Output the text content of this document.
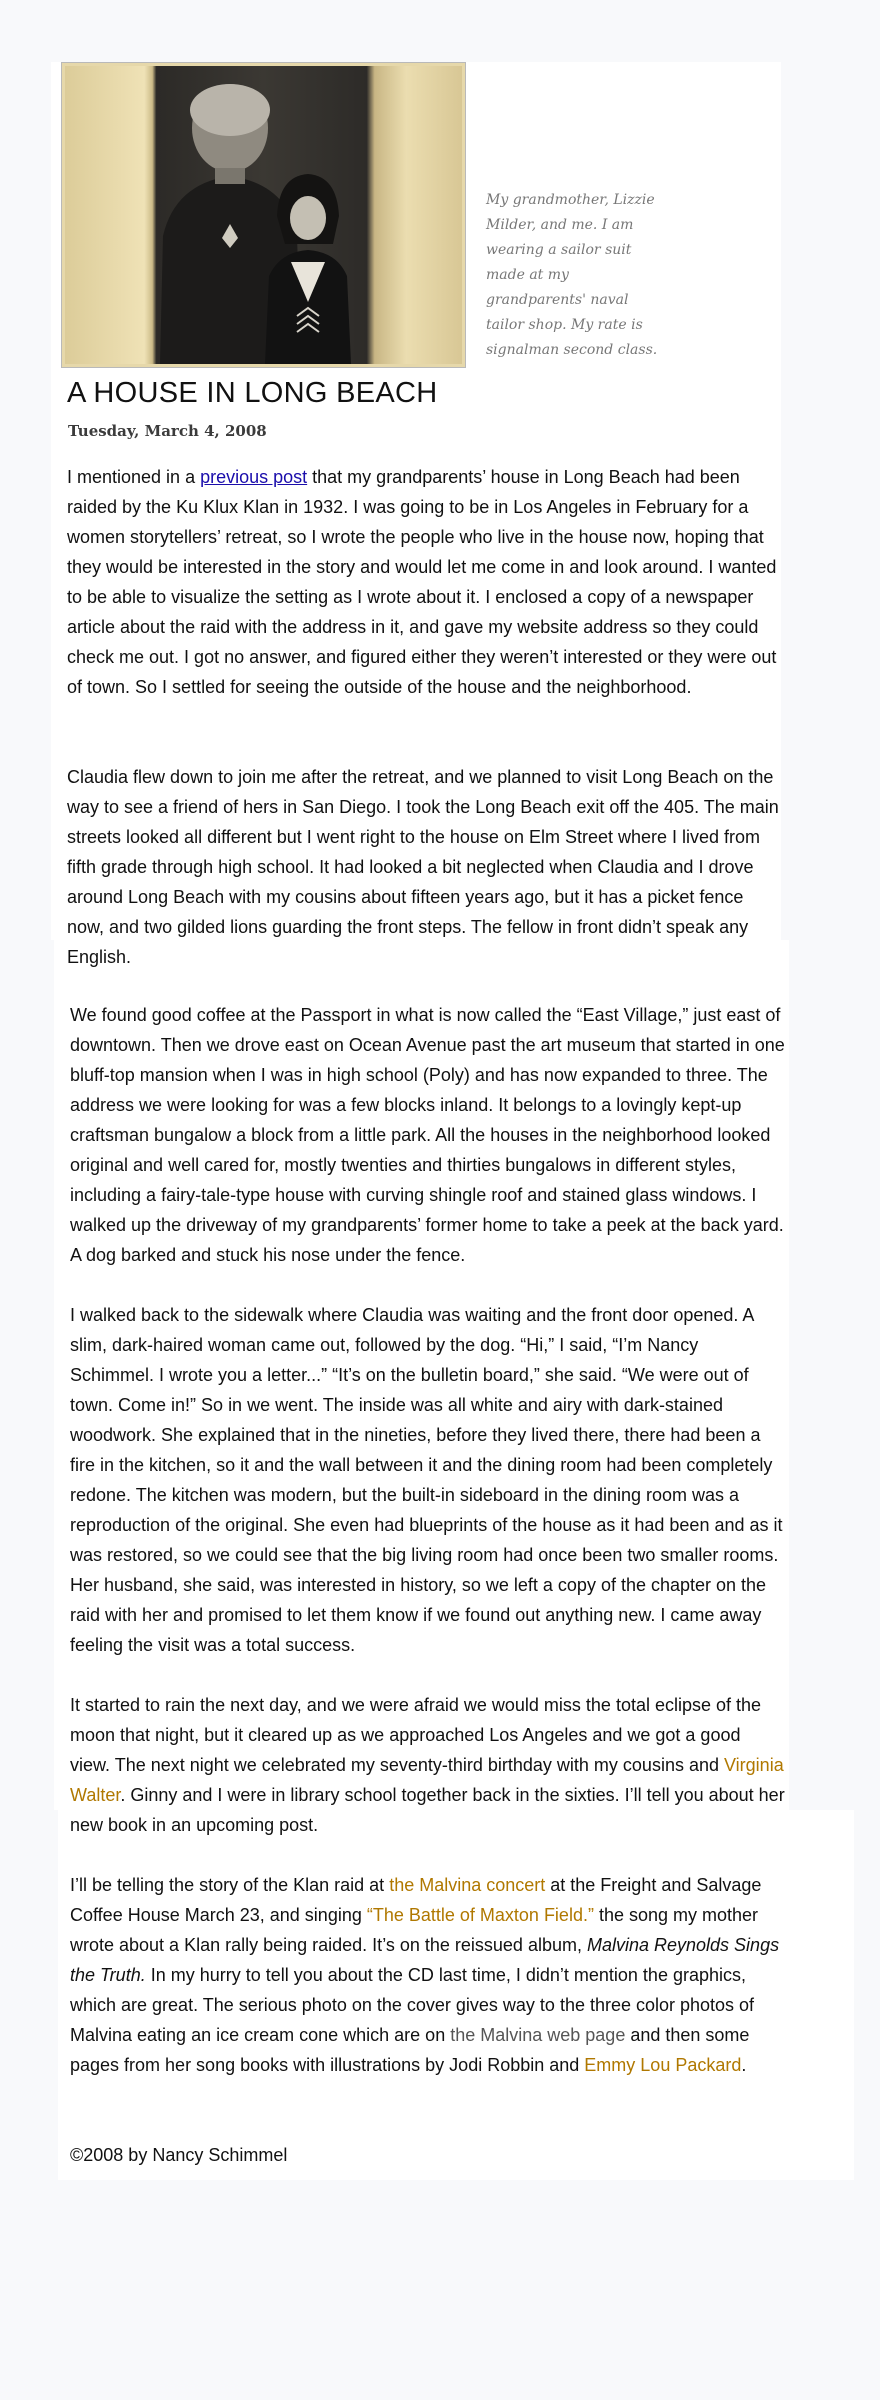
My grandmother, Lizzie Milder, and me. I am wearing a sailor suit made at my grandparents' naval tailor shop. My rate is signalman second class.
A HOUSE IN LONG BEACH
Tuesday, March 4, 2008

I mentioned in a previous post that my grandparents’ house in Long Beach had been raided by the Ku Klux Klan in 1932. I was going to be in Los Angeles in February for a women storytellers’ retreat, so I wrote the people who live in the house now, hoping that they would be interested in the story and would let me come in and look around. I wanted to be able to visualize the setting as I wrote about it. I enclosed a copy of a newspaper article about the raid with the address in it, and gave my website address so they could check me out. I got no answer, and figured either they weren’t interested or they were out of town. So I settled for seeing the outside of the house and the neighborhood.

Claudia flew down to join me after the retreat, and we planned to visit Long Beach on the way to see a friend of hers in San Diego. I took the Long Beach exit off the 405. The main streets looked all different but I went right to the house on Elm Street where I lived from fifth grade through high school. It had looked a bit neglected when Claudia and I drove around Long Beach with my cousins about fifteen years ago, but it has a picket fence now, and two gilded lions guarding the front steps. The fellow in front didn’t speak any English.

We found good coffee at the Passport in what is now called the “East Village,” just east of downtown. Then we drove east on Ocean Avenue past the art museum that started in one bluff-top mansion when I was in high school (Poly) and has now expanded to three. The address we were looking for was a few blocks inland. It belongs to a lovingly kept-up craftsman bungalow a block from a little park. All the houses in the neighborhood looked original and well cared for, mostly twenties and thirties bungalows in different styles, including a fairy-tale-type house with curving shingle roof and stained glass windows. I walked up the driveway of my grandparents’ former home to take a peek at the back yard. A dog barked and stuck his nose under the fence.

I walked back to the sidewalk where Claudia was waiting and the front door opened. A slim, dark-haired woman came out, followed by the dog. “Hi,” I said, “I’m Nancy Schimmel. I wrote you a letter...” “It’s on the bulletin board,” she said. “We were out of town. Come in!” So in we went. The inside was all white and airy with dark-stained woodwork. She explained that in the nineties, before they lived there, there had been a fire in the kitchen, so it and the wall between it and the dining room had been completely redone. The kitchen was modern, but the built-in sideboard in the dining room was a reproduction of the original. She even had blueprints of the house as it had been and as it was restored, so we could see that the big living room had once been two smaller rooms. Her husband, she said, was interested in history, so we left a copy of the chapter on the raid with her and promised to let them know if we found out anything new. I came away feeling the visit was a total success.

It started to rain the next day, and we were afraid we would miss the total eclipse of the moon that night, but it cleared up as we approached Los Angeles and we got a good view. The next night we celebrated my seventy-third birthday with my cousins and Virginia Walter. Ginny and I were in library school together back in the sixties. I’ll tell you about her new book in an upcoming post.

I’ll be telling the story of the Klan raid at the Malvina concert at the Freight and Salvage Coffee House March 23, and singing “The Battle of Maxton Field.” the song my mother wrote about a Klan rally being raided. It’s on the reissued album, Malvina Reynolds Sings the Truth. In my hurry to tell you about the CD last time, I didn’t mention the graphics, which are great. The serious photo on the cover gives way to the three color photos of Malvina eating an ice cream cone which are on the Malvina web page and then some pages from her song books with illustrations by Jodi Robbin and Emmy Lou Packard.

©2008 by Nancy Schimmel
